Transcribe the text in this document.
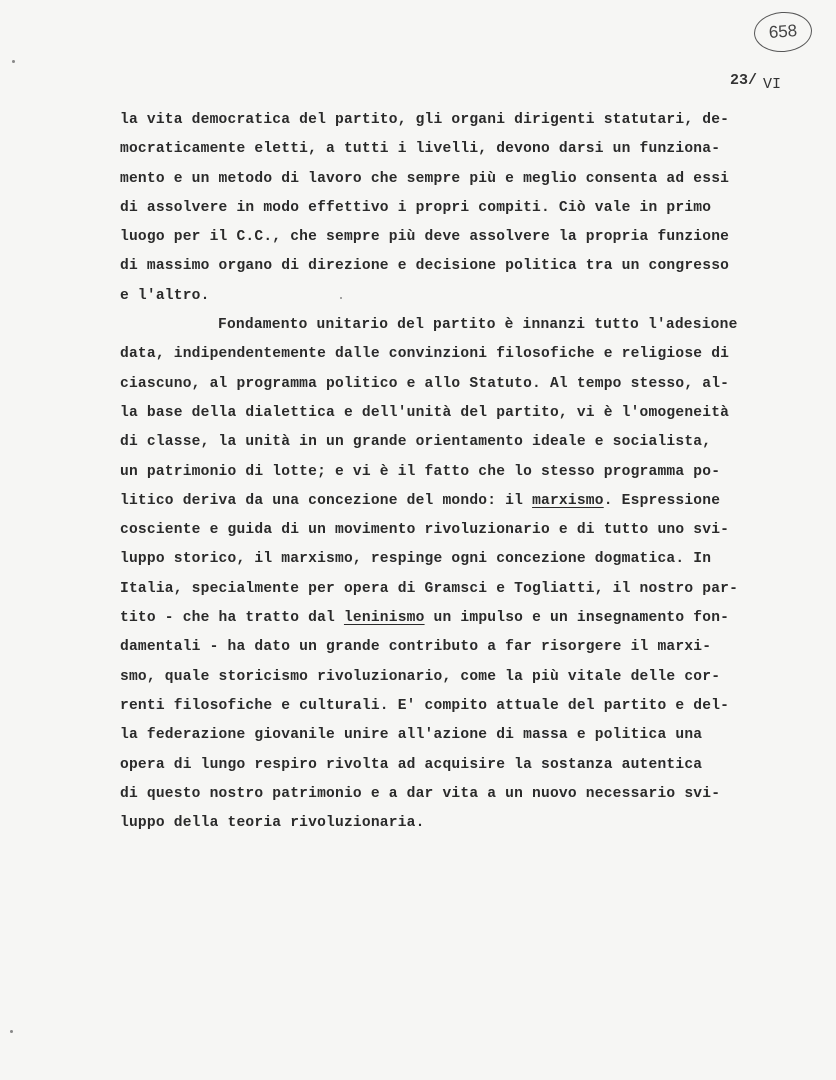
658
23/ VI
la vita democratica del partito, gli organi dirigenti statutari, de-
mocraticamente eletti, a tutti i livelli, devono darsi un funziona-
mento e un metodo di lavoro che sempre più e meglio consenta ad essi
di assolvere in modo effettivo i propri compiti. Ciò vale in primo
luogo per il C.C., che sempre più deve assolvere la propria funzione
di massimo organo di direzione e decisione politica tra un congresso
e l'altro.
Fondamento unitario del partito è innanzi tutto l'adesione
data, indipendentemente dalle convinzioni filosofiche e religiose di
ciascuno, al programma politico e allo Statuto. Al tempo stesso, al-
la base della dialettica e dell'unità del partito, vi è l'omogeneità
di classe, la unità in un grande orientamento ideale e socialista,
un patrimonio di lotte; e vi è il fatto che lo stesso programma po-
litico deriva da una concezione del mondo: il marxismo. Espressione
cosciente e guida di un movimento rivoluzionario e di tutto uno svi-
luppo storico, il marxismo, respinge ogni concezione dogmatica. In
Italia, specialmente per opera di Gramsci e Togliatti, il nostro par-
tito - che ha tratto dal leninismo un impulso e un insegnamento fon-
damentali - ha dato un grande contributo a far risorgere il marxi-
smo, quale storicismo rivoluzionario, come la più vitale delle cor-
renti filosofiche e culturali. E' compito attuale del partito e del-
la federazione giovanile unire all'azione di massa e politica una
opera di lungo respiro rivolta ad acquisire la sostanza autentica
di questo nostro patrimonio e a dar vita a un nuovo necessario svi-
luppo della teoria rivoluzionaria.
